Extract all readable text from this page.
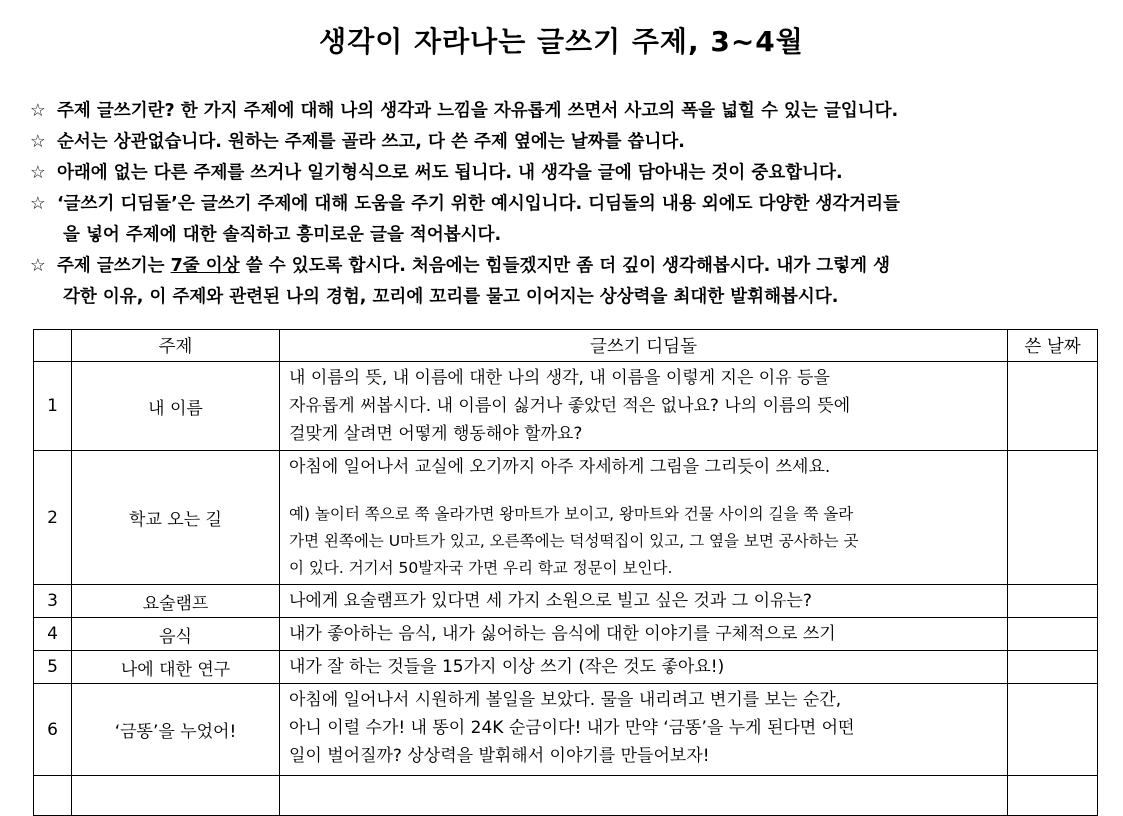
생각이 자라나는 글쓰기 주제, 3~4월
☆ 주제 글쓰기란? 한 가지 주제에 대해 나의 생각과 느낌을 자유롭게 쓰면서 사고의 폭을 넓힐 수 있는 글입니다.
☆ 순서는 상관없습니다. 원하는 주제를 골라 쓰고, 다 쓴 주제 옆에는 날짜를 씁니다.
☆ 아래에 없는 다른 주제를 쓰거나 일기형식으로 써도 됩니다. 내 생각을 글에 담아내는 것이 중요합니다.
☆ ‘글쓰기 디딤돌’은 글쓰기 주제에 대해 도움을 주기 위한 예시입니다. 디딤돌의 내용 외에도 다양한 생각거리들
을 넣어 주제에 대한 솔직하고 흥미로운 글을 적어봅시다.
☆ 주제 글쓰기는 7줄 이상 쓸 수 있도록 합시다. 처음에는 힘들겠지만 좀 더 깊이 생각해봅시다. 내가 그렇게 생
각한 이유, 이 주제와 관련된 나의 경험, 꼬리에 꼬리를 물고 이어지는 상상력을 최대한 발휘해봅시다.
	주제	글쓰기 디딤돌	쓴 날짜
1	내 이름	내 이름의 뜻, 내 이름에 대한 나의 생각, 내 이름을 이렇게 지은 이유 등을
자유롭게 써봅시다. 내 이름이 싫거나 좋았던 적은 없나요? 나의 이름의 뜻에
걸맞게 살려면 어떻게 행동해야 할까요?	

2	학교 오는 길	아침에 일어나서 교실에 오기까지 아주 자세하게 그림을 그리듯이 쓰세요.
예) 놀이터 쪽으로 쭉 올라가면 왕마트가 보이고, 왕마트와 건물 사이의 길을 쭉 올라
가면 왼쪽에는 U마트가 있고, 오른쪽에는 덕성떡집이 있고, 그 옆을 보면 공사하는 곳
이 있다. 거기서 50발자국 가면 우리 학교 정문이 보인다.	

3	요술램프	나에게 요술램프가 있다면 세 가지 소원으로 빌고 싶은 것과 그 이유는?	

4	음식	내가 좋아하는 음식, 내가 싫어하는 음식에 대한 이야기를 구체적으로 쓰기	

5	나에 대한 연구	내가 잘 하는 것들을 15가지 이상 쓰기 (작은 것도 좋아요!)	

6	‘금똥’을 누었어!	아침에 일어나서 시원하게 볼일을 보았다. 물을 내리려고 변기를 보는 순간,
아니 이럴 수가! 내 똥이 24K 순금이다! 내가 만약 ‘금똥’을 누게 된다면 어떤
일이 벌어질까? 상상력을 발휘해서 이야기를 만들어보자!	
